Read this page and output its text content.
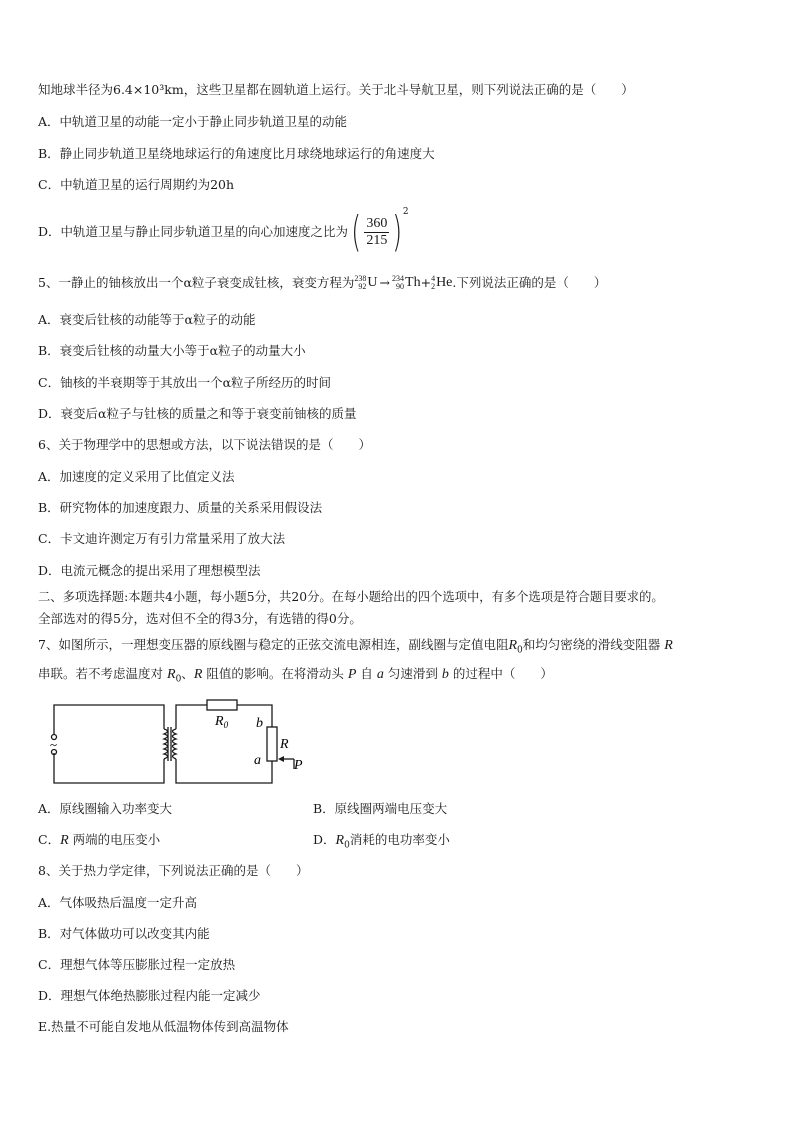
知地球半径为6.4×10³km，这些卫星都在圆轨道上运行。关于北斗导航卫星，则下列说法正确的是（　　）
A．中轨道卫星的动能一定小于静止同步轨道卫星的动能
B．静止同步轨道卫星绕地球运行的角速度比月球绕地球运行的角速度大
C．中轨道卫星的运行周期约为20h
D．中轨道卫星与静止同步轨道卫星的向心加速度之比为 ( $\frac{360}{215}$ ) 2
5、一静止的铀核放出一个α粒子衰变成钍核，衰变方程为 238
92 U → 234
90 Th + 4
2 He .下列说法正确的是（　　）
A．衰变后钍核的动能等于α粒子的动能
B．衰变后钍核的动量大小等于α粒子的动量大小
C．铀核的半衰期等于其放出一个α粒子所经历的时间
D．衰变后α粒子与钍核的质量之和等于衰变前铀核的质量
6、关于物理学中的思想或方法，以下说法错误的是（　　）
A．加速度的定义采用了比值定义法
B．研究物体的加速度跟力、质量的关系采用假设法
C．卡文迪许测定万有引力常量采用了放大法
D．电流元概念的提出采用了理想模型法
二、多项选择题:本题共4小题，每小题5分，共20分。在每小题给出的四个选项中，有多个选项是符合题目要求的。
全部选对的得5分，选对但不全的得3分，有选错的得0分。
7、如图所示，一理想变压器的原线圈与稳定的正弦交流电源相连，副线圈与定值电阻$R_0$和均匀密绕的滑线变阻器 R
串联。若不考虑温度对 $R_0$、R 阻值的影响。在将滑动头 P 自 a 匀速滑到 b 的过程中（　　）
~
$R_0$ b
R
a P
A．原线圈输入功率变大	B．原线圈两端电压变大
C．R 两端的电压变小	D．$R_0$消耗的电功率变小
8、关于热力学定律，下列说法正确的是（　　）
A．气体吸热后温度一定升高
B．对气体做功可以改变其内能
C．理想气体等压膨胀过程一定放热
D．理想气体绝热膨胀过程内能一定减少
E.热量不可能自发地从低温物体传到高温物体
